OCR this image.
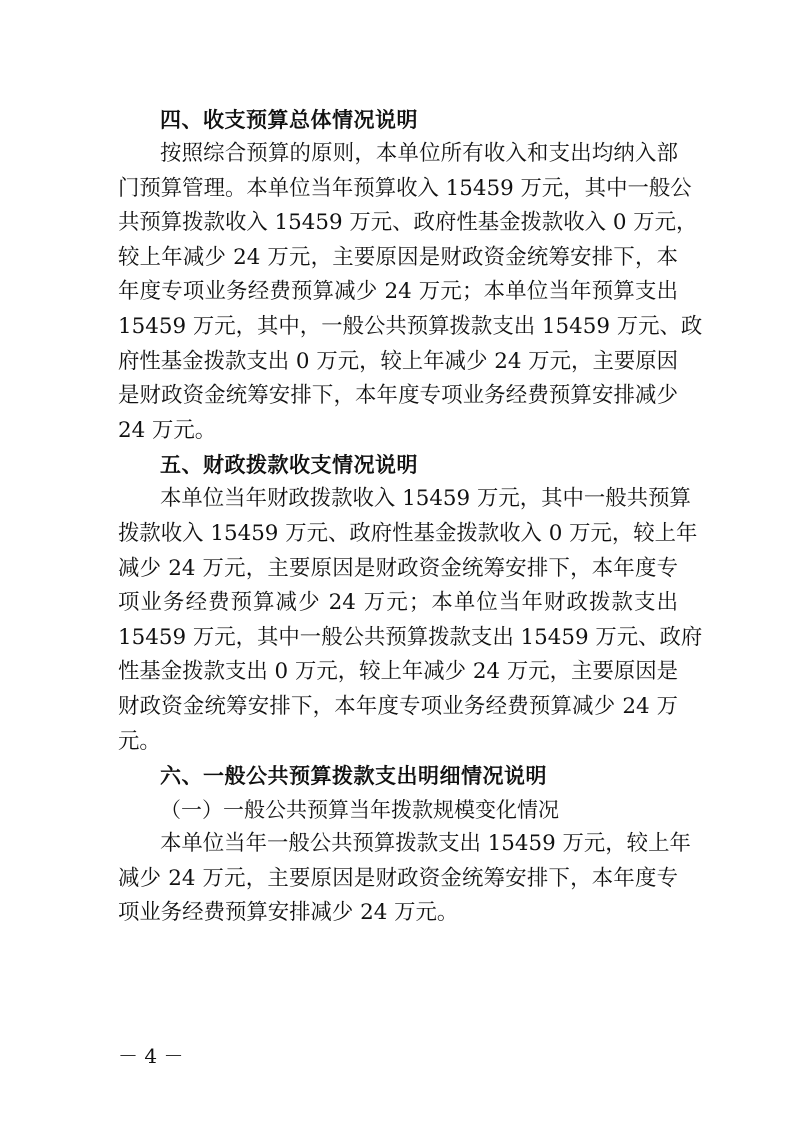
四、收支预算总体情况说明

按照综合预算的原则，本单位所有收入和支出均纳入部
门预算管理。本单位当年预算收入 15459 万元，其中一般公
共预算拨款收入 15459 万元、政府性基金拨款收入 0 万元，
较上年减少 24 万元，主要原因是财政资金统筹安排下，本
年度专项业务经费预算减少 24 万元；本单位当年预算支出
15459 万元，其中，一般公共预算拨款支出 15459 万元、政
府性基金拨款支出 0 万元，较上年减少 24 万元，主要原因
是财政资金统筹安排下，本年度专项业务经费预算安排减少
24 万元。

五、财政拨款收支情况说明

本单位当年财政拨款收入 15459 万元，其中一般共预算
拨款收入 15459 万元、政府性基金拨款收入 0 万元，较上年
减少 24 万元，主要原因是财政资金统筹安排下，本年度专
项业务经费预算减少 24 万元；本单位当年财政拨款支出
15459 万元，其中一般公共预算拨款支出 15459 万元、政府
性基金拨款支出 0 万元，较上年减少 24 万元，主要原因是
财政资金统筹安排下，本年度专项业务经费预算减少 24 万
元。

六、一般公共预算拨款支出明细情况说明

（一）一般公共预算当年拨款规模变化情况

本单位当年一般公共预算拨款支出 15459 万元，较上年
减少 24 万元，主要原因是财政资金统筹安排下，本年度专
项业务经费预算安排减少 24 万元。

－ 4 －
